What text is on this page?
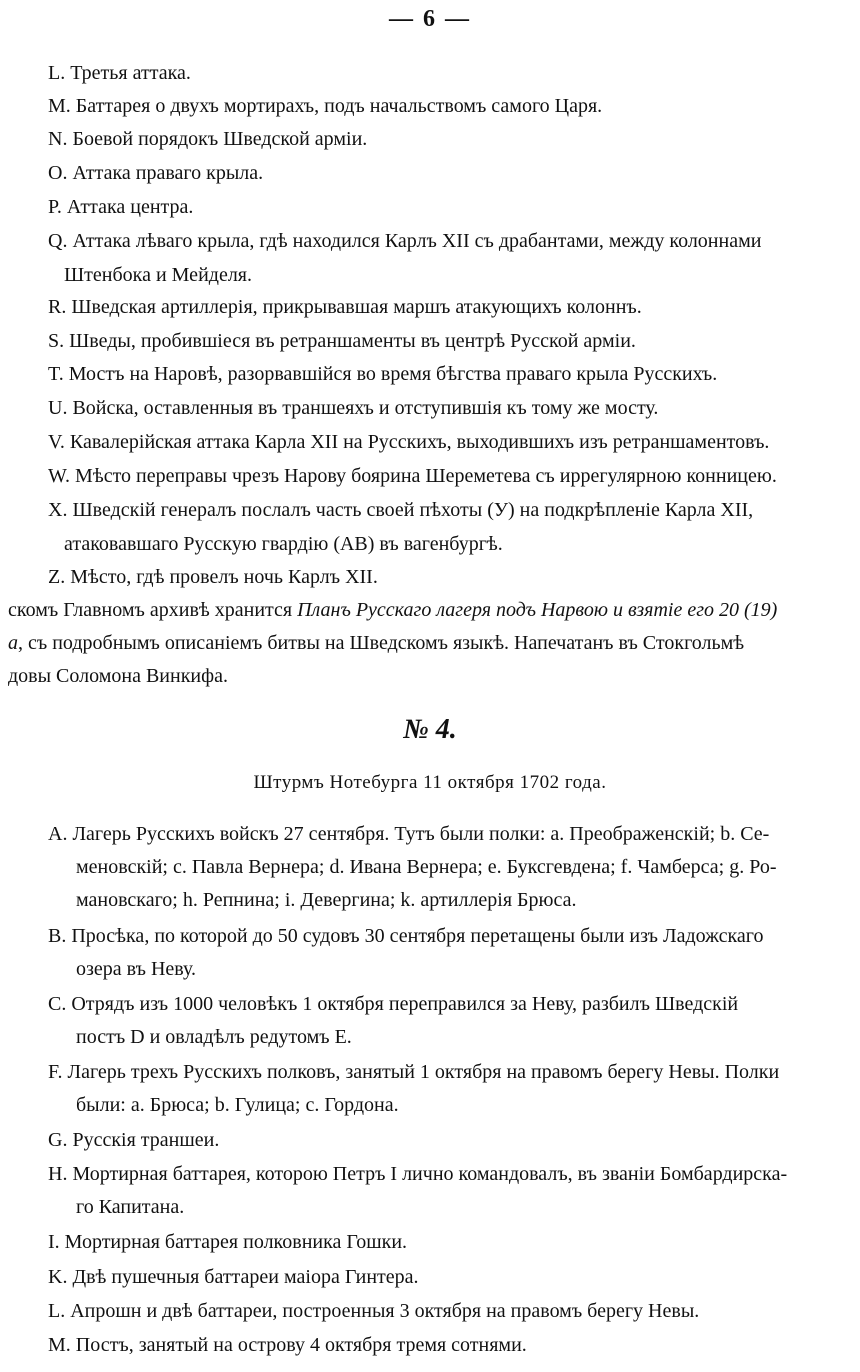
— 6 —
L. Третья аттака.
M. Баттарея о двухъ мортирахъ, подъ начальствомъ самого Царя.
N. Боевой порядокъ Шведской арміи.
O. Аттака праваго крыла.
P. Аттака центра.
Q. Аттака лѣваго крыла, гдѣ находился Карлъ XII съ драбантами, между колоннами
Штенбока и Мейделя.
R. Шведская артиллерія, прикрывавшая маршъ атакующихъ колоннъ.
S. Шведы, пробившіеся въ ретраншаменты въ центрѣ Русской арміи.
T. Мостъ на Наровѣ, разорвавшійся во время бѣгства праваго крыла Русскихъ.
U. Войска, оставленныя въ траншеяхъ и отступившія къ тому же мосту.
V. Кавалерійская аттака Карла XII на Русскихъ, выходившихъ изъ ретраншаментовъ.
W. Мѣсто переправы чрезъ Нарову боярина Шереметева съ иррегулярною конницею.
X. Шведскій генералъ послалъ часть своей пѣхоты (У) на подкрѣпленіе Карла XII,
атаковавшаго Русскую гвардію (АВ) въ вагенбургѣ.
Z. Мѣсто, гдѣ провелъ ночь Карлъ XII.
скомъ Главномъ архивѣ хранится Планъ Русскаго лагеря подъ Нарвою и взятіе его 20 (19)
а, съ подробнымъ описаніемъ битвы на Шведскомъ языкѣ. Напечатанъ въ Стокгольмѣ
довы Соломона Винкифа.
№ 4.
Штурмъ Нотебурга 11 октября 1702 года.
A. Лагерь Русскихъ войскъ 27 сентября. Тутъ были полки: a. Преображенскій; b. Се-
меновскій; c. Павла Вернера; d. Ивана Вернера; e. Буксгевдена; f. Чамберса; g. Ро-
мановскаго; h. Репнина; i. Девергина; k. артиллерія Брюса.
B. Просѣка, по которой до 50 судовъ 30 сентября перетащены были изъ Ладожскаго
озера въ Неву.
C. Отрядъ изъ 1000 человѣкъ 1 октября переправился за Неву, разбилъ Шведскій
постъ D и овладѣлъ редутомъ E.
F. Лагерь трехъ Русскихъ полковъ, занятый 1 октября на правомъ берегу Невы. Полки
были: a. Брюса; b. Гулица; c. Гордона.
G. Русскія траншеи.
H. Мортирная баттарея, которою Петръ I лично командовалъ, въ званіи Бомбардирска-
го Капитана.
I. Мортирная баттарея полковника Гошки.
K. Двѣ пушечныя баттареи маіора Гинтера.
L. Апрошн и двѣ баттареи, построенныя 3 октября на правомъ берегу Невы.
M. Постъ, занятый на острову 4 октября тремя сотнями.
